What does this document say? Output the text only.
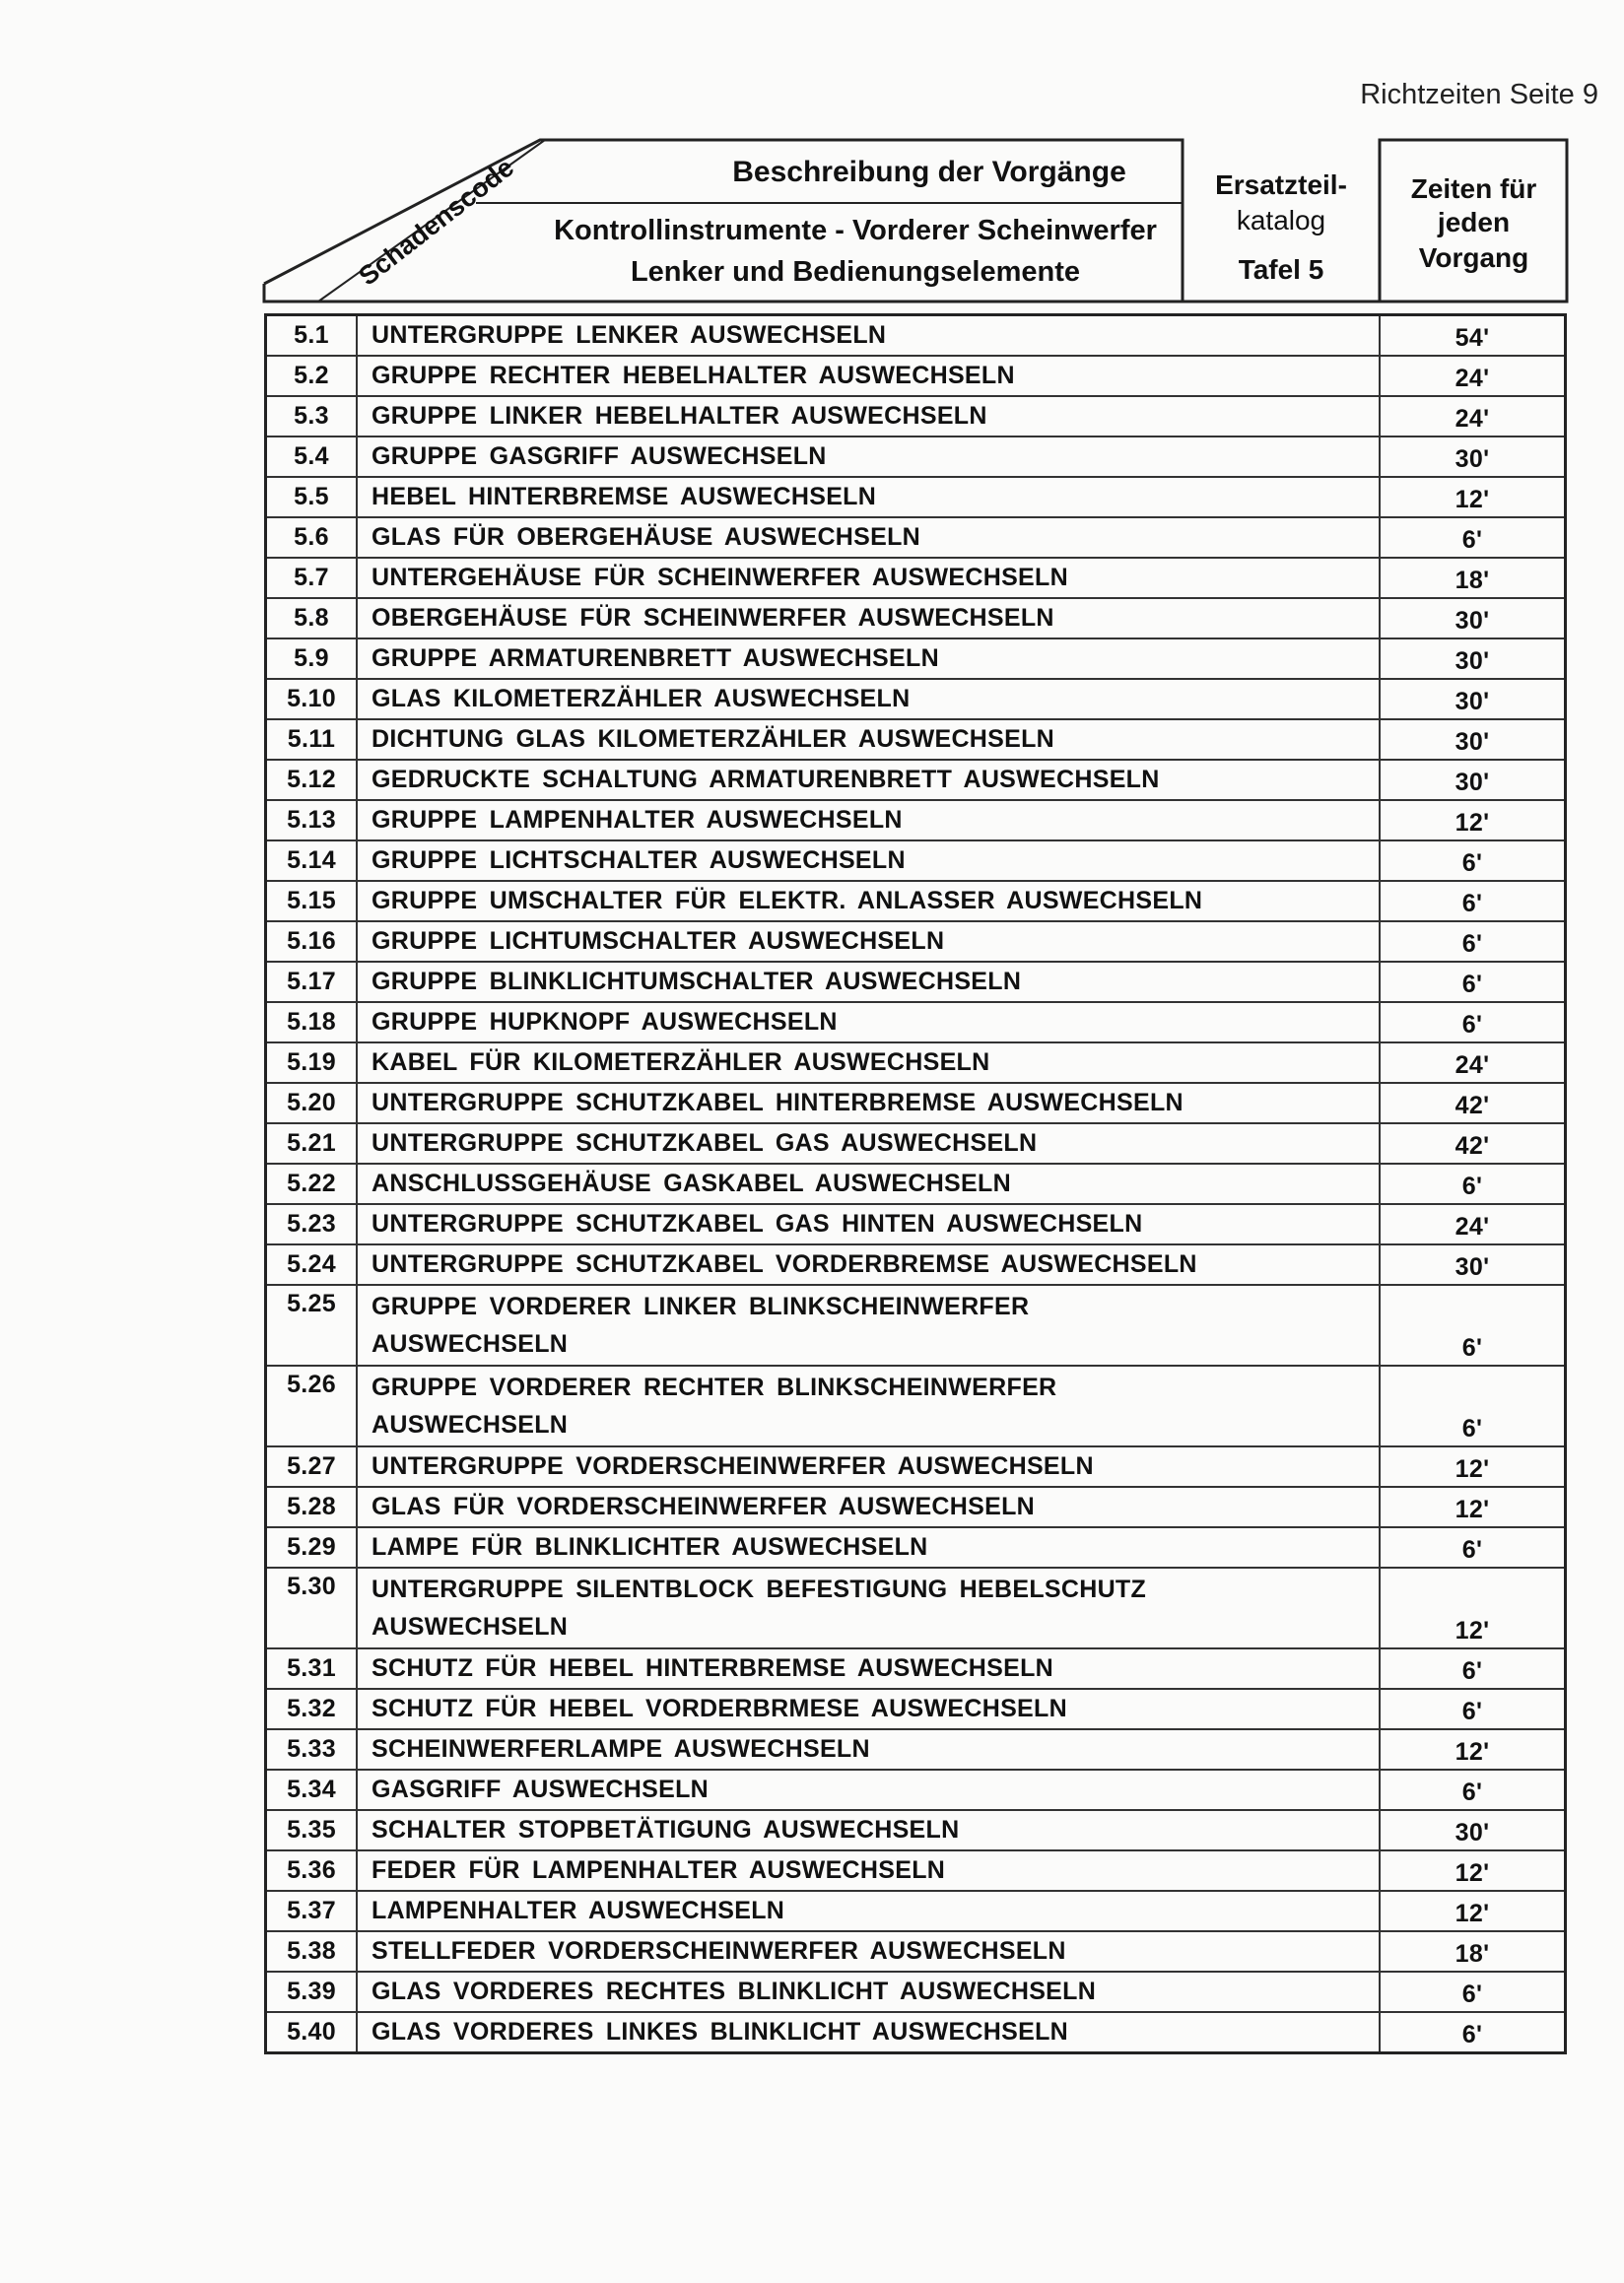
Richtzeiten Seite 9
Schadenscode	Beschreibung der Vorgänge
Kontrollinstrumente - Vorderer Scheinwerfer
Lenker und Bedienungselemente
Ersatzteil-
katalog
Tafel 5
Zeiten für
jeden
Vorgang
5.1	UNTERGRUPPE LENKER AUSWECHSELN	54'
5.2	GRUPPE RECHTER HEBELHALTER AUSWECHSELN	24'
5.3	GRUPPE LINKER HEBELHALTER AUSWECHSELN	24'
5.4	GRUPPE GASGRIFF AUSWECHSELN	30'
5.5	HEBEL HINTERBREMSE AUSWECHSELN	12'
5.6	GLAS FÜR OBERGEHÄUSE AUSWECHSELN	6'
5.7	UNTERGEHÄUSE FÜR SCHEINWERFER AUSWECHSELN	18'
5.8	OBERGEHÄUSE FÜR SCHEINWERFER AUSWECHSELN	30'
5.9	GRUPPE ARMATURENBRETT AUSWECHSELN	30'
5.10	GLAS KILOMETERZÄHLER AUSWECHSELN	30'
5.11	DICHTUNG GLAS KILOMETERZÄHLER AUSWECHSELN	30'
5.12	GEDRUCKTE SCHALTUNG ARMATURENBRETT AUSWECHSELN	30'
5.13	GRUPPE LAMPENHALTER AUSWECHSELN	12'
5.14	GRUPPE LICHTSCHALTER AUSWECHSELN	6'
5.15	GRUPPE UMSCHALTER FÜR ELEKTR. ANLASSER AUSWECHSELN	6'
5.16	GRUPPE LICHTUMSCHALTER AUSWECHSELN	6'
5.17	GRUPPE BLINKLICHTUMSCHALTER AUSWECHSELN	6'
5.18	GRUPPE HUPKNOPF AUSWECHSELN	6'
5.19	KABEL FÜR KILOMETERZÄHLER AUSWECHSELN	24'
5.20	UNTERGRUPPE SCHUTZKABEL HINTERBREMSE AUSWECHSELN	42'
5.21	UNTERGRUPPE SCHUTZKABEL GAS AUSWECHSELN	42'
5.22	ANSCHLUSSGEHÄUSE GASKABEL AUSWECHSELN	6'
5.23	UNTERGRUPPE SCHUTZKABEL GAS HINTEN AUSWECHSELN	24'
5.24	UNTERGRUPPE SCHUTZKABEL VORDERBREMSE AUSWECHSELN	30'
5.25	GRUPPE VORDERER LINKER BLINKSCHEINWERFER
AUSWECHSELN	6'
5.26	GRUPPE VORDERER RECHTER BLINKSCHEINWERFER
AUSWECHSELN	6'
5.27	UNTERGRUPPE VORDERSCHEINWERFER AUSWECHSELN	12'
5.28	GLAS FÜR VORDERSCHEINWERFER AUSWECHSELN	12'
5.29	LAMPE FÜR BLINKLICHTER AUSWECHSELN	6'
5.30	UNTERGRUPPE SILENTBLOCK BEFESTIGUNG HEBELSCHUTZ
AUSWECHSELN	12'
5.31	SCHUTZ FÜR HEBEL HINTERBREMSE AUSWECHSELN	6'
5.32	SCHUTZ FÜR HEBEL VORDERBRMESE AUSWECHSELN	6'
5.33	SCHEINWERFERLAMPE AUSWECHSELN	12'
5.34	GASGRIFF AUSWECHSELN	6'
5.35	SCHALTER STOPBETÄTIGUNG AUSWECHSELN	30'
5.36	FEDER FÜR LAMPENHALTER AUSWECHSELN	12'
5.37	LAMPENHALTER AUSWECHSELN	12'
5.38	STELLFEDER VORDERSCHEINWERFER AUSWECHSELN	18'
5.39	GLAS VORDERES RECHTES BLINKLICHT AUSWECHSELN	6'
5.40	GLAS VORDERES LINKES BLINKLICHT AUSWECHSELN	6'
